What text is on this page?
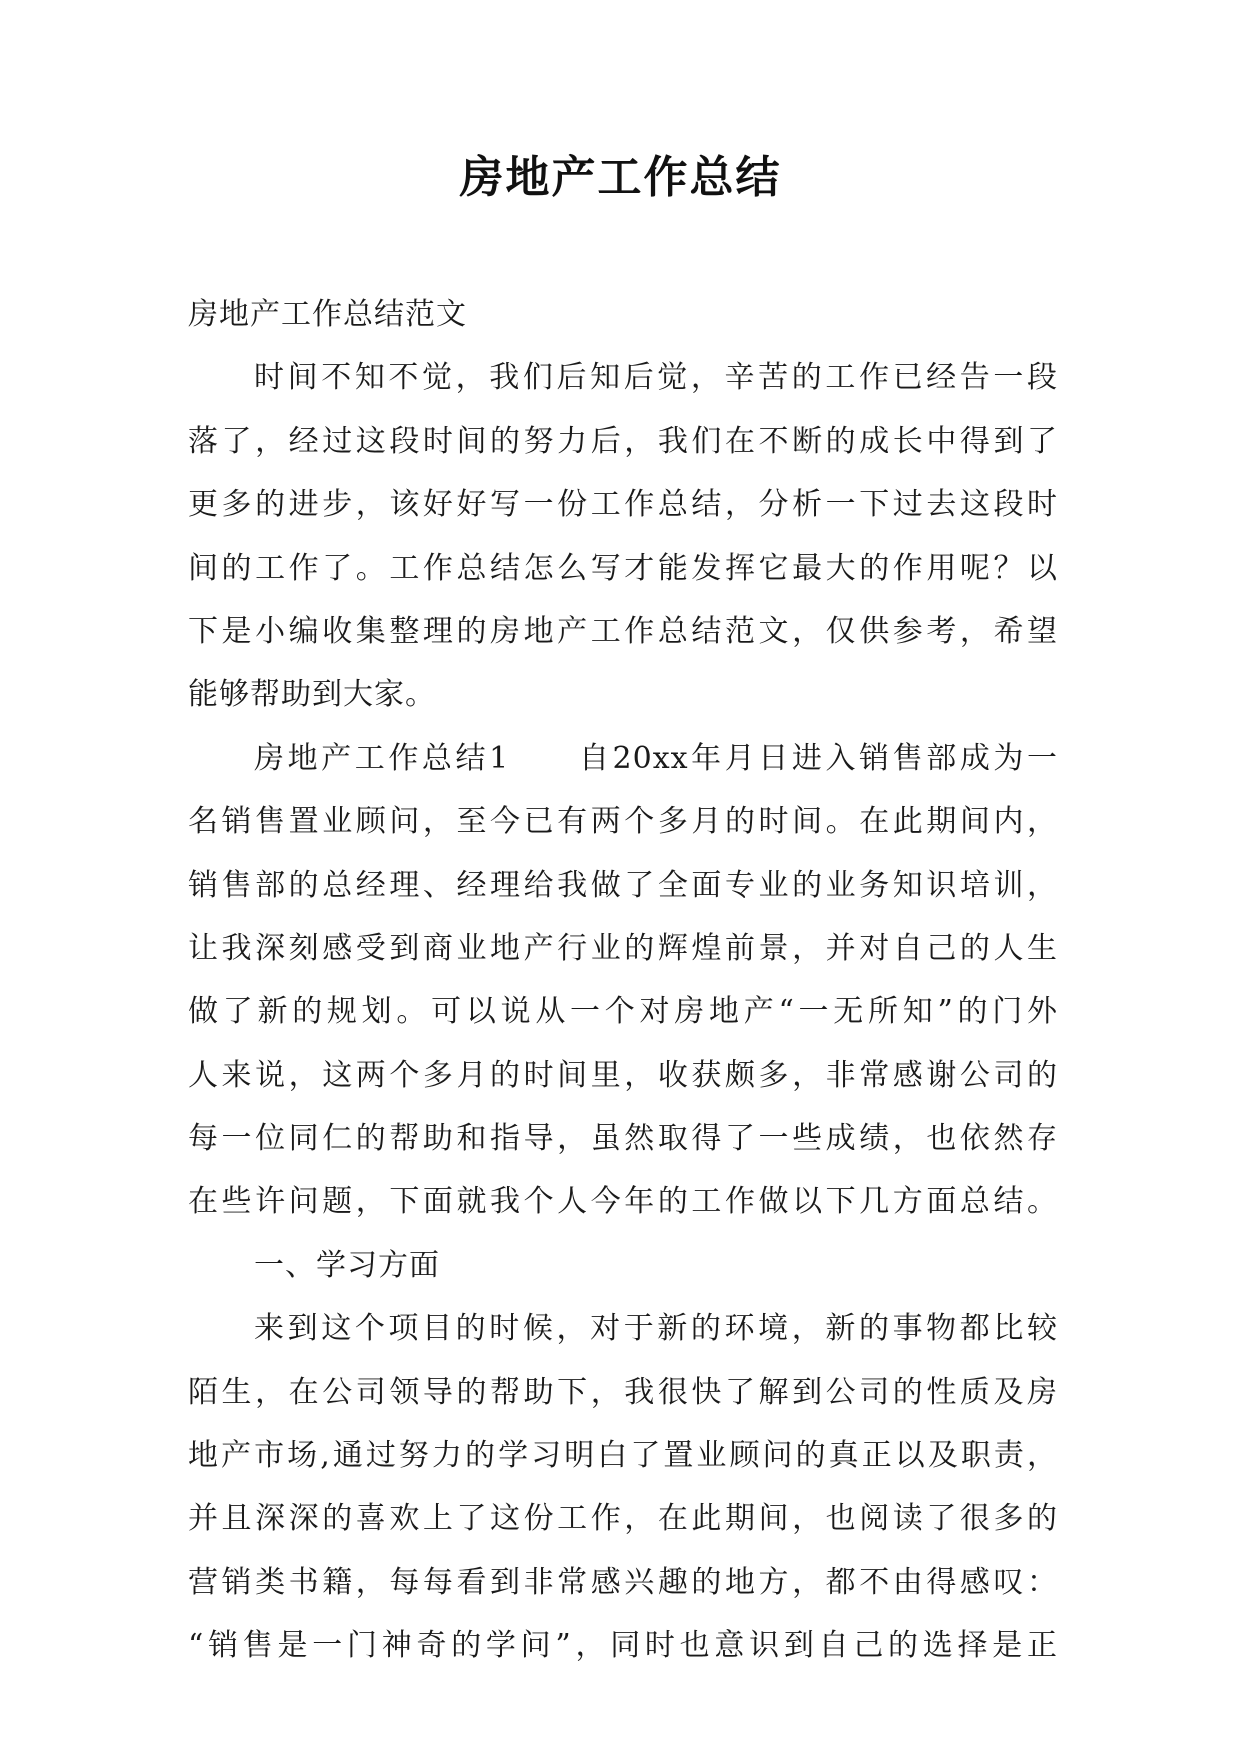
房地产工作总结
房地产工作总结范文
时间不知不觉，我们后知后觉，辛苦的工作已经告一段
落了，经过这段时间的努力后，我们在不断的成长中得到了
更多的进步，该好好写一份工作总结，分析一下过去这段时
间的工作了。工作总结怎么写才能发挥它最大的作用呢？以
下是小编收集整理的房地产工作总结范文，仅供参考，希望
能够帮助到大家。
房地产工作总结1　　自20xx年月日进入销售部成为一
名销售置业顾问，至今已有两个多月的时间。在此期间内，
销售部的总经理、经理给我做了全面专业的业务知识培训，
让我深刻感受到商业地产行业的辉煌前景，并对自己的人生
做了新的规划。可以说从一个对房地产“一无所知”的门外
人来说，这两个多月的时间里，收获颇多，非常感谢公司的
每一位同仁的帮助和指导，虽然取得了一些成绩，也依然存
在些许问题，下面就我个人今年的工作做以下几方面总结。
一、学习方面
来到这个项目的时候，对于新的环境，新的事物都比较
陌生，在公司领导的帮助下，我很快了解到公司的性质及房
地产市场,通过努力的学习明白了置业顾问的真正以及职责，
并且深深的喜欢上了这份工作，在此期间，也阅读了很多的
营销类书籍，每每看到非常感兴趣的地方，都不由得感叹：
“销售是一门神奇的学问”，同时也意识到自己的选择是正
